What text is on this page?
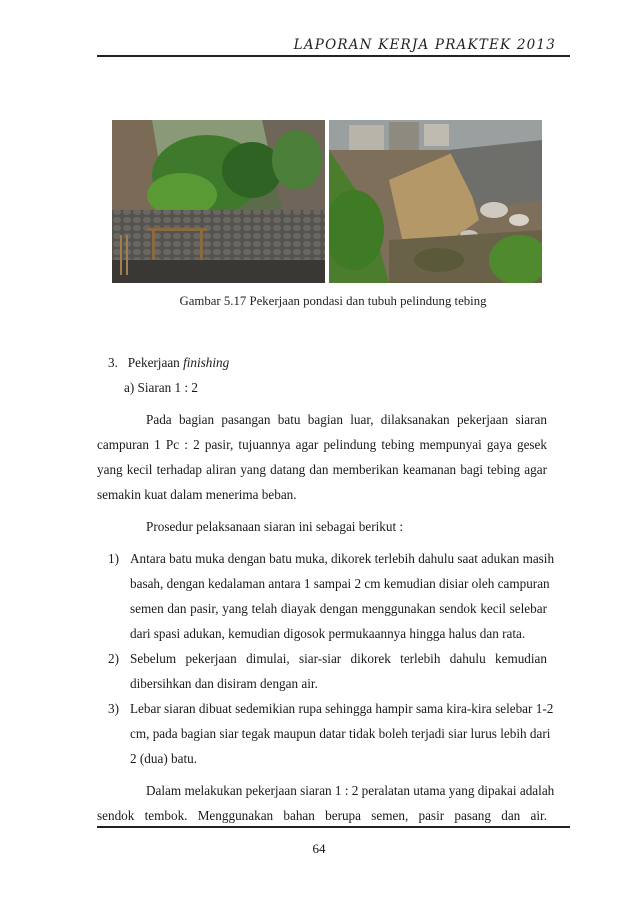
LAPORAN KERJA PRAKTEK 2013
Gambar 5.17 Pekerjaan pondasi dan tubuh pelindung tebing
3. Pekerjaan finishing
a) Siaran 1 : 2
Pada bagian pasangan batu bagian luar, dilaksanakan pekerjaan siaran
campuran 1 Pc : 2 pasir, tujuannya agar pelindung tebing mempunyai gaya gesek
yang kecil terhadap aliran yang datang dan memberikan keamanan bagi tebing agar
semakin kuat dalam menerima beban.
Prosedur pelaksanaan siaran ini sebagai berikut :
1) Antara batu muka dengan batu muka, dikorek terlebih dahulu saat adukan masih
basah, dengan kedalaman antara 1 sampai 2 cm kemudian disiar oleh campuran
semen dan pasir, yang telah diayak dengan menggunakan sendok kecil selebar
dari spasi adukan, kemudian digosok permukaannya hingga halus dan rata.
2) Sebelum pekerjaan dimulai, siar-siar dikorek terlebih dahulu kemudian
dibersihkan dan disiram dengan air.
3) Lebar siaran dibuat sedemikian rupa sehingga hampir sama kira-kira selebar 1-2
cm, pada bagian siar tegak maupun datar tidak boleh terjadi siar lurus lebih dari
2 (dua) batu.
Dalam melakukan pekerjaan siaran 1 : 2 peralatan utama yang dipakai adalah
sendok tembok. Menggunakan bahan berupa semen, pasir pasang dan air.
64
